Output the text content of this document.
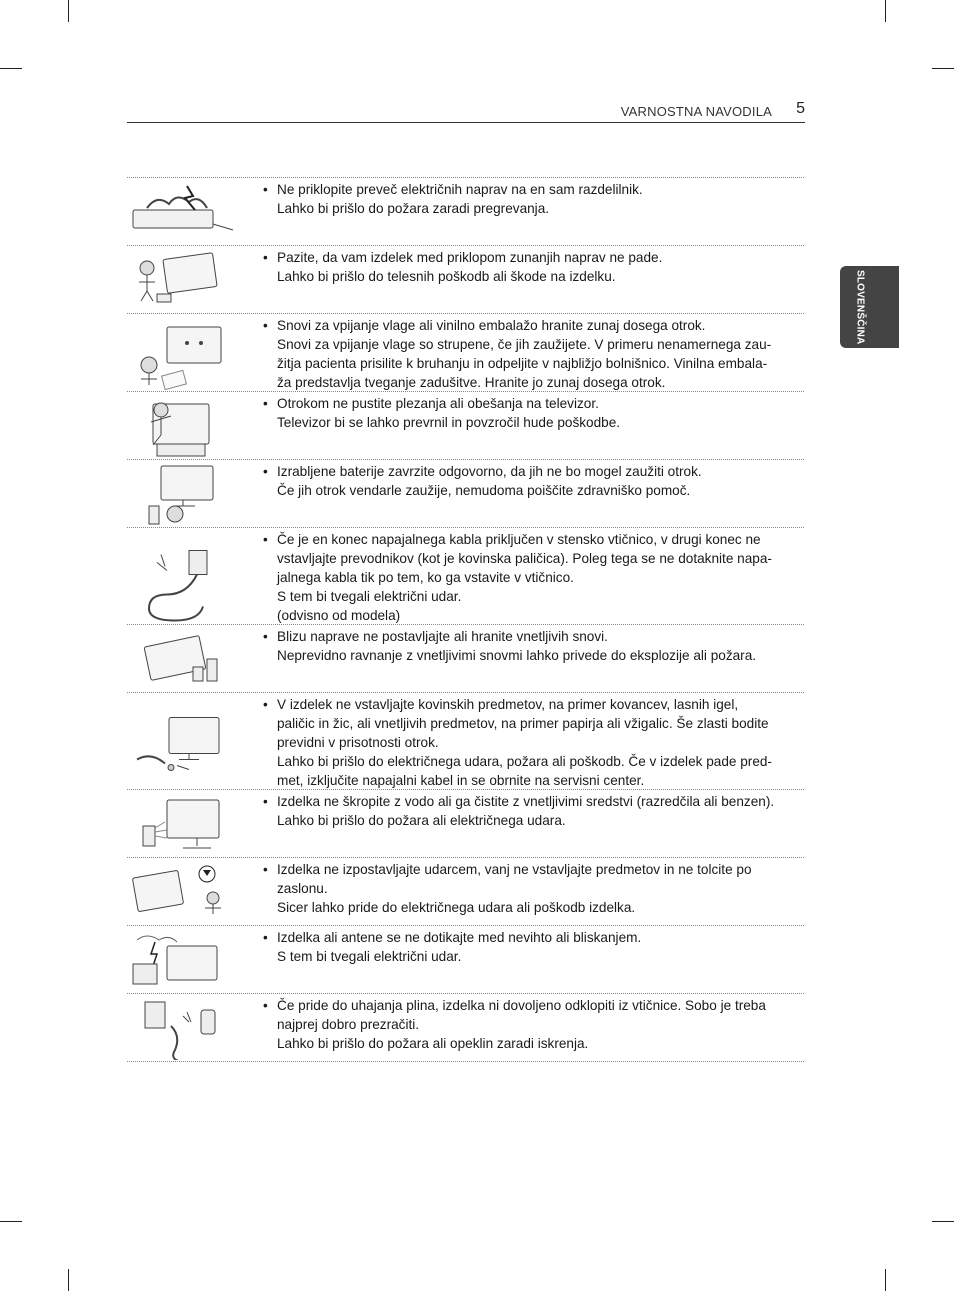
VARNOSTNA NAVODILA 5
SLOVENŠČINA
• Ne priklopite preveč električnih naprav na en sam razdelilnik.
Lahko bi prišlo do požara zaradi pregrevanja.
• Pazite, da vam izdelek med priklopom zunanjih naprav ne pade.
Lahko bi prišlo do telesnih poškodb ali škode na izdelku.
• Snovi za vpijanje vlage ali vinilno embalažo hranite zunaj dosega otrok.
Snovi za vpijanje vlage so strupene, če jih zaužijete. V primeru nenamernega zau-
žitja pacienta prisilite k bruhanju in odpeljite v najbližjo bolnišnico. Vinilna embala-
ža predstavlja tveganje zadušitve. Hranite jo zunaj dosega otrok.
• Otrokom ne pustite plezanja ali obešanja na televizor.
Televizor bi se lahko prevrnil in povzročil hude poškodbe.
• Izrabljene baterije zavrzite odgovorno, da jih ne bo mogel zaužiti otrok.
Če jih otrok vendarle zaužije, nemudoma poiščite zdravniško pomoč.
• Če je en konec napajalnega kabla priključen v stensko vtičnico, v drugi konec ne
vstavljajte prevodnikov (kot je kovinska paličica). Poleg tega se ne dotaknite napa-
jalnega kabla tik po tem, ko ga vstavite v vtičnico.
S tem bi tvegali električni udar.
(odvisno od modela)
• Blizu naprave ne postavljajte ali hranite vnetljivih snovi.
Neprevidno ravnanje z vnetljivimi snovmi lahko privede do eksplozije ali požara.
• V izdelek ne vstavljajte kovinskih predmetov, na primer kovancev, lasnih igel,
paličic in žic, ali vnetljivih predmetov, na primer papirja ali vžigalic. Še zlasti bodite
previdni v prisotnosti otrok.
Lahko bi prišlo do električnega udara, požara ali poškodb. Če v izdelek pade pred-
met, izključite napajalni kabel in se obrnite na servisni center.
• Izdelka ne škropite z vodo ali ga čistite z vnetljivimi sredstvi (razredčila ali benzen).
Lahko bi prišlo do požara ali električnega udara.
• Izdelka ne izpostavljajte udarcem, vanj ne vstavljajte predmetov in ne tolcite po
zaslonu.
Sicer lahko pride do električnega udara ali poškodb izdelka.
• Izdelka ali antene se ne dotikajte med nevihto ali bliskanjem.
S tem bi tvegali električni udar.
• Če pride do uhajanja plina, izdelka ni dovoljeno odklopiti iz vtičnice. Sobo je treba
najprej dobro prezračiti.
Lahko bi prišlo do požara ali opeklin zaradi iskrenja.
